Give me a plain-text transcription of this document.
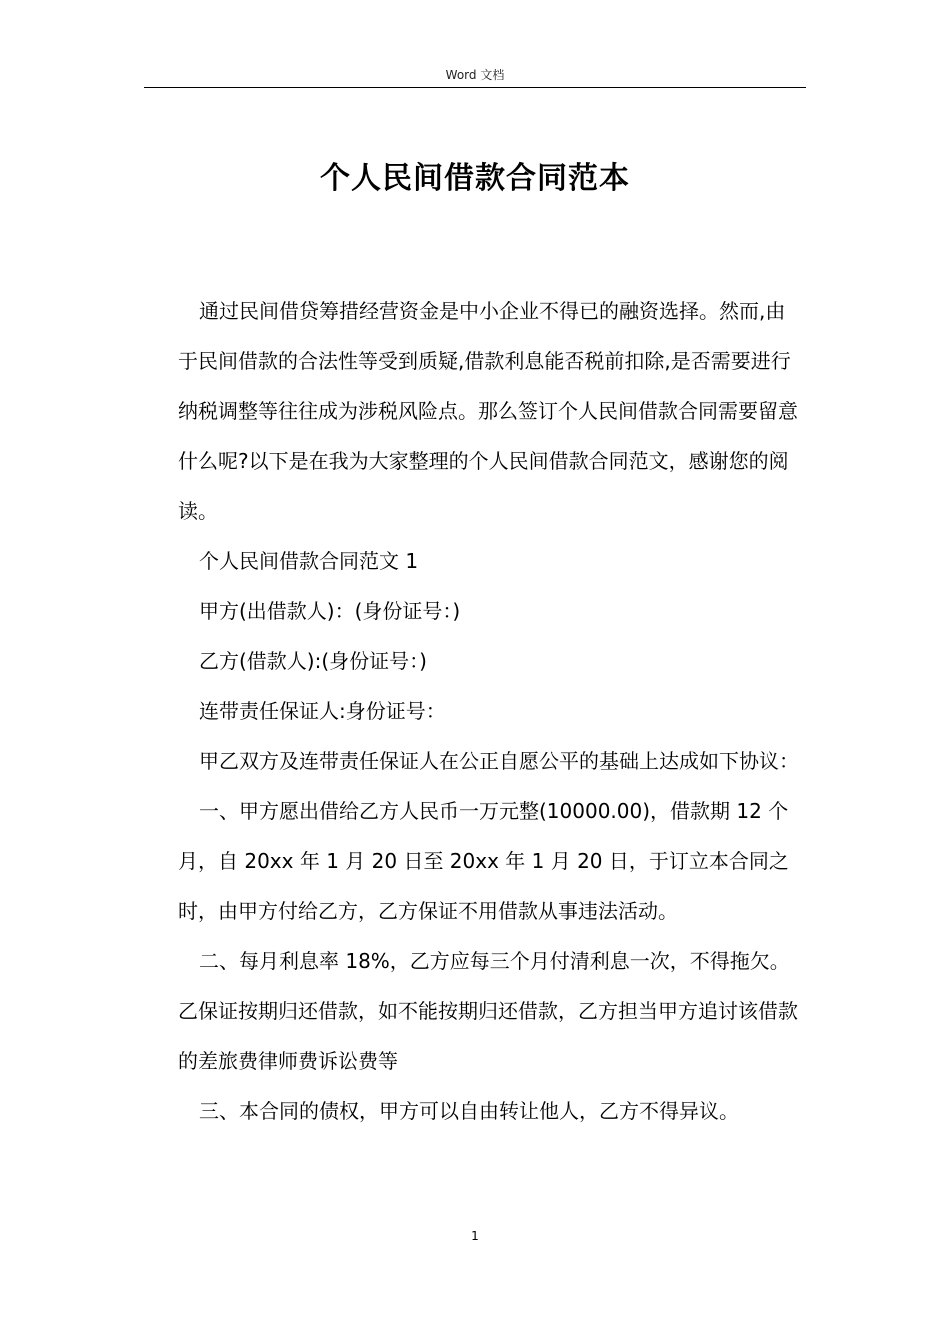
Word 文档
个人民间借款合同范本

通过民间借贷筹措经营资金是中小企业不得已的融资选择。然而,由于民间借款的合法性等受到质疑,借款利息能否税前扣除,是否需要进行纳税调整等往往成为涉税风险点。那么签订个人民间借款合同需要留意什么呢?以下是在我为大家整理的个人民间借款合同范文，感谢您的阅读。

个人民间借款合同范文 1

甲方(出借款人)：(身份证号：)

乙方(借款人):(身份证号：)

连带责任保证人:身份证号：

甲乙双方及连带责任保证人在公正自愿公平的基础上达成如下协议：

一、甲方愿出借给乙方人民币一万元整(10000.00)，借款期 12 个月，自 20xx 年 1 月 20 日至 20xx 年 1 月 20 日，于订立本合同之时，由甲方付给乙方，乙方保证不用借款从事违法活动。

二、每月利息率 18%，乙方应每三个月付清利息一次，不得拖欠。乙保证按期归还借款，如不能按期归还借款，乙方担当甲方追讨该借款的差旅费律师费诉讼费等

三、本合同的债权，甲方可以自由转让他人，乙方不得异议。

1
